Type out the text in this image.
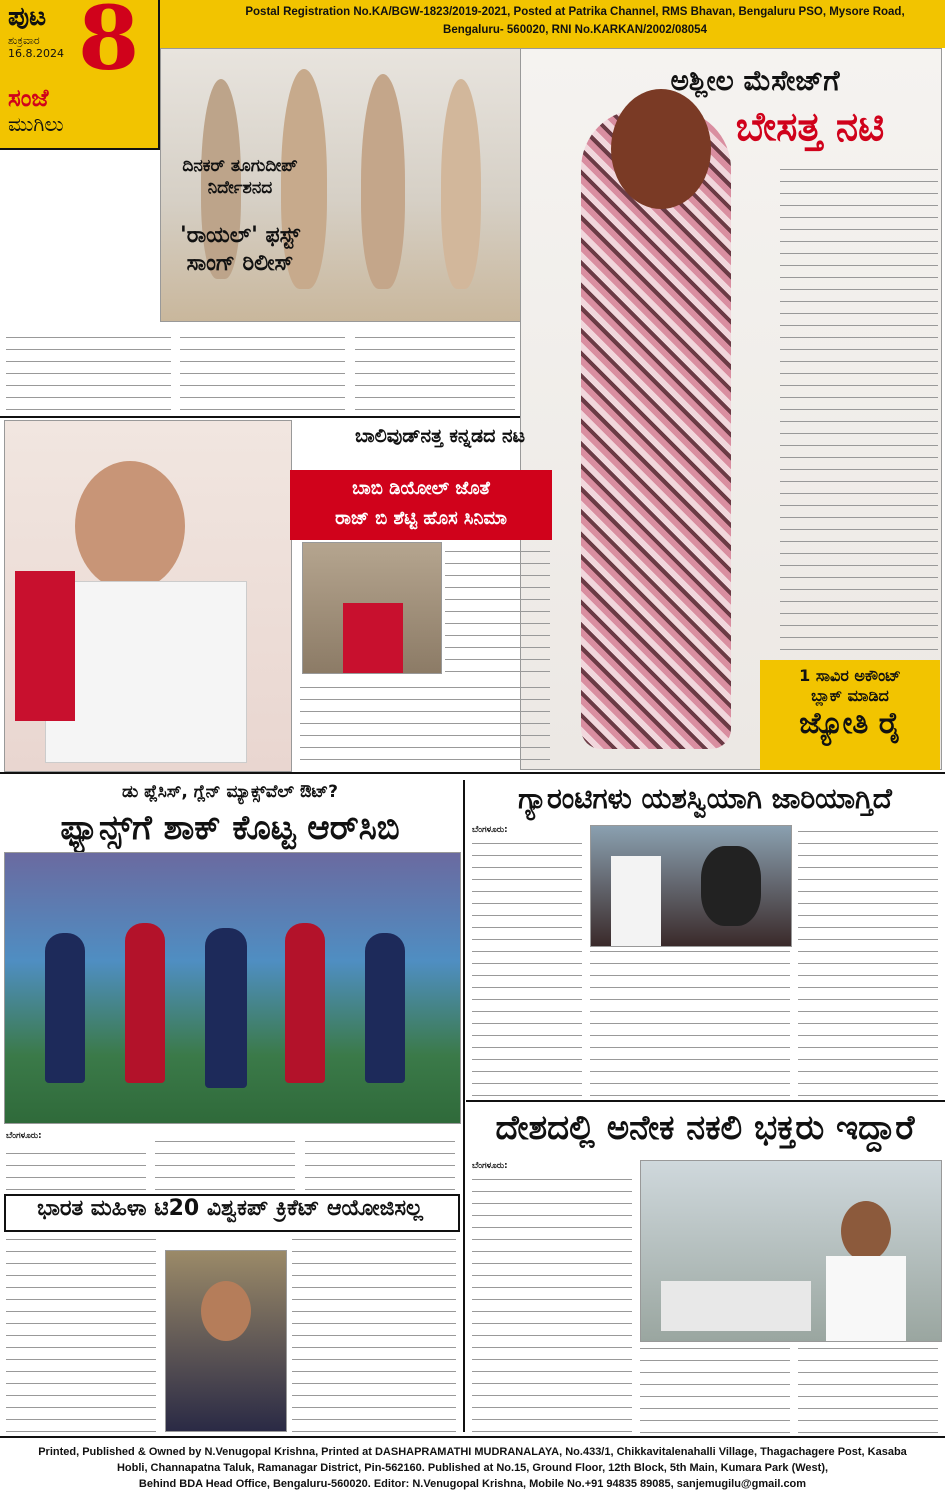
ಪುಟ
ಶುಕ್ರವಾರ
16.8.2024 8
ಸಂಜೆ
ಮುಗಿಲು
Postal Registration No.KA/BGW-1823/2019-2021, Posted at Patrika Channel, RMS Bhavan, Bengaluru PSO, Mysore Road,
Bengaluru- 560020, RNI No.KARKAN/2002/08054
ದಿನಕರ್ ತೂಗುದೀಪ್ ನಿರ್ದೇಶನದ
'ರಾಯಲ್' ಫಸ್ಟ್ ಸಾಂಗ್ ರಿಲೀಸ್
ಅಶ್ಲೀಲ ಮೆಸೇಜ್‌ಗೆ
ಬೇಸತ್ತ ನಟಿ
1 ಸಾವಿರ ಅಕೌಂಟ್
ಬ್ಲಾಕ್ ಮಾಡಿದ
ಜ್ಯೋತಿ ರೈ
ಬಾಲಿವುಡ್‌ನತ್ತ ಕನ್ನಡದ ನಟ
ಬಾಬಿ ಡಿಯೋಲ್ ಜೊತೆ
ರಾಜ್ ಬಿ ಶೆಟ್ಟಿ ಹೊಸ ಸಿನಿಮಾ
ಡು ಪ್ಲೆಸಿಸ್, ಗ್ಲೆನ್ ಮ್ಯಾಕ್ಸ್‌ವೆಲ್ ಔಟ್?
ಫ್ಯಾನ್ಸ್‌ಗೆ ಶಾಕ್ ಕೊಟ್ಟ ಆರ್‌ಸಿಬಿ
ಬೆಂಗಳೂರು:
ಭಾರತ ಮಹಿಳಾ ಟಿ20 ವಿಶ್ವಕಪ್ ಕ್ರಿಕೆಟ್ ಆಯೋಜಿಸಲ್ಲ
ಗ್ಯಾರಂಟಿಗಳು ಯಶಸ್ವಿಯಾಗಿ ಜಾರಿಯಾಗ್ತಿದೆ
ಬೆಂಗಳೂರು:
ದೇಶದಲ್ಲಿ ಅನೇಕ ನಕಲಿ ಭಕ್ತರು ಇದ್ದಾರೆ
ಬೆಂಗಳೂರು:
Printed, Published & Owned by N.Venugopal Krishna, Printed at DASHAPRAMATHI MUDRANALAYA, No.433/1, Chikkavitalenahalli Village, Thagachagere Post, Kasaba
Hobli, Channapatna Taluk, Ramanagar District, Pin-562160. Published at No.15, Ground Floor, 12th Block, 5th Main, Kumara Park (West),
Behind BDA Head Office, Bengaluru-560020. Editor: N.Venugopal Krishna, Mobile No.+91 94835 89085, sanjemugilu@gmail.com
